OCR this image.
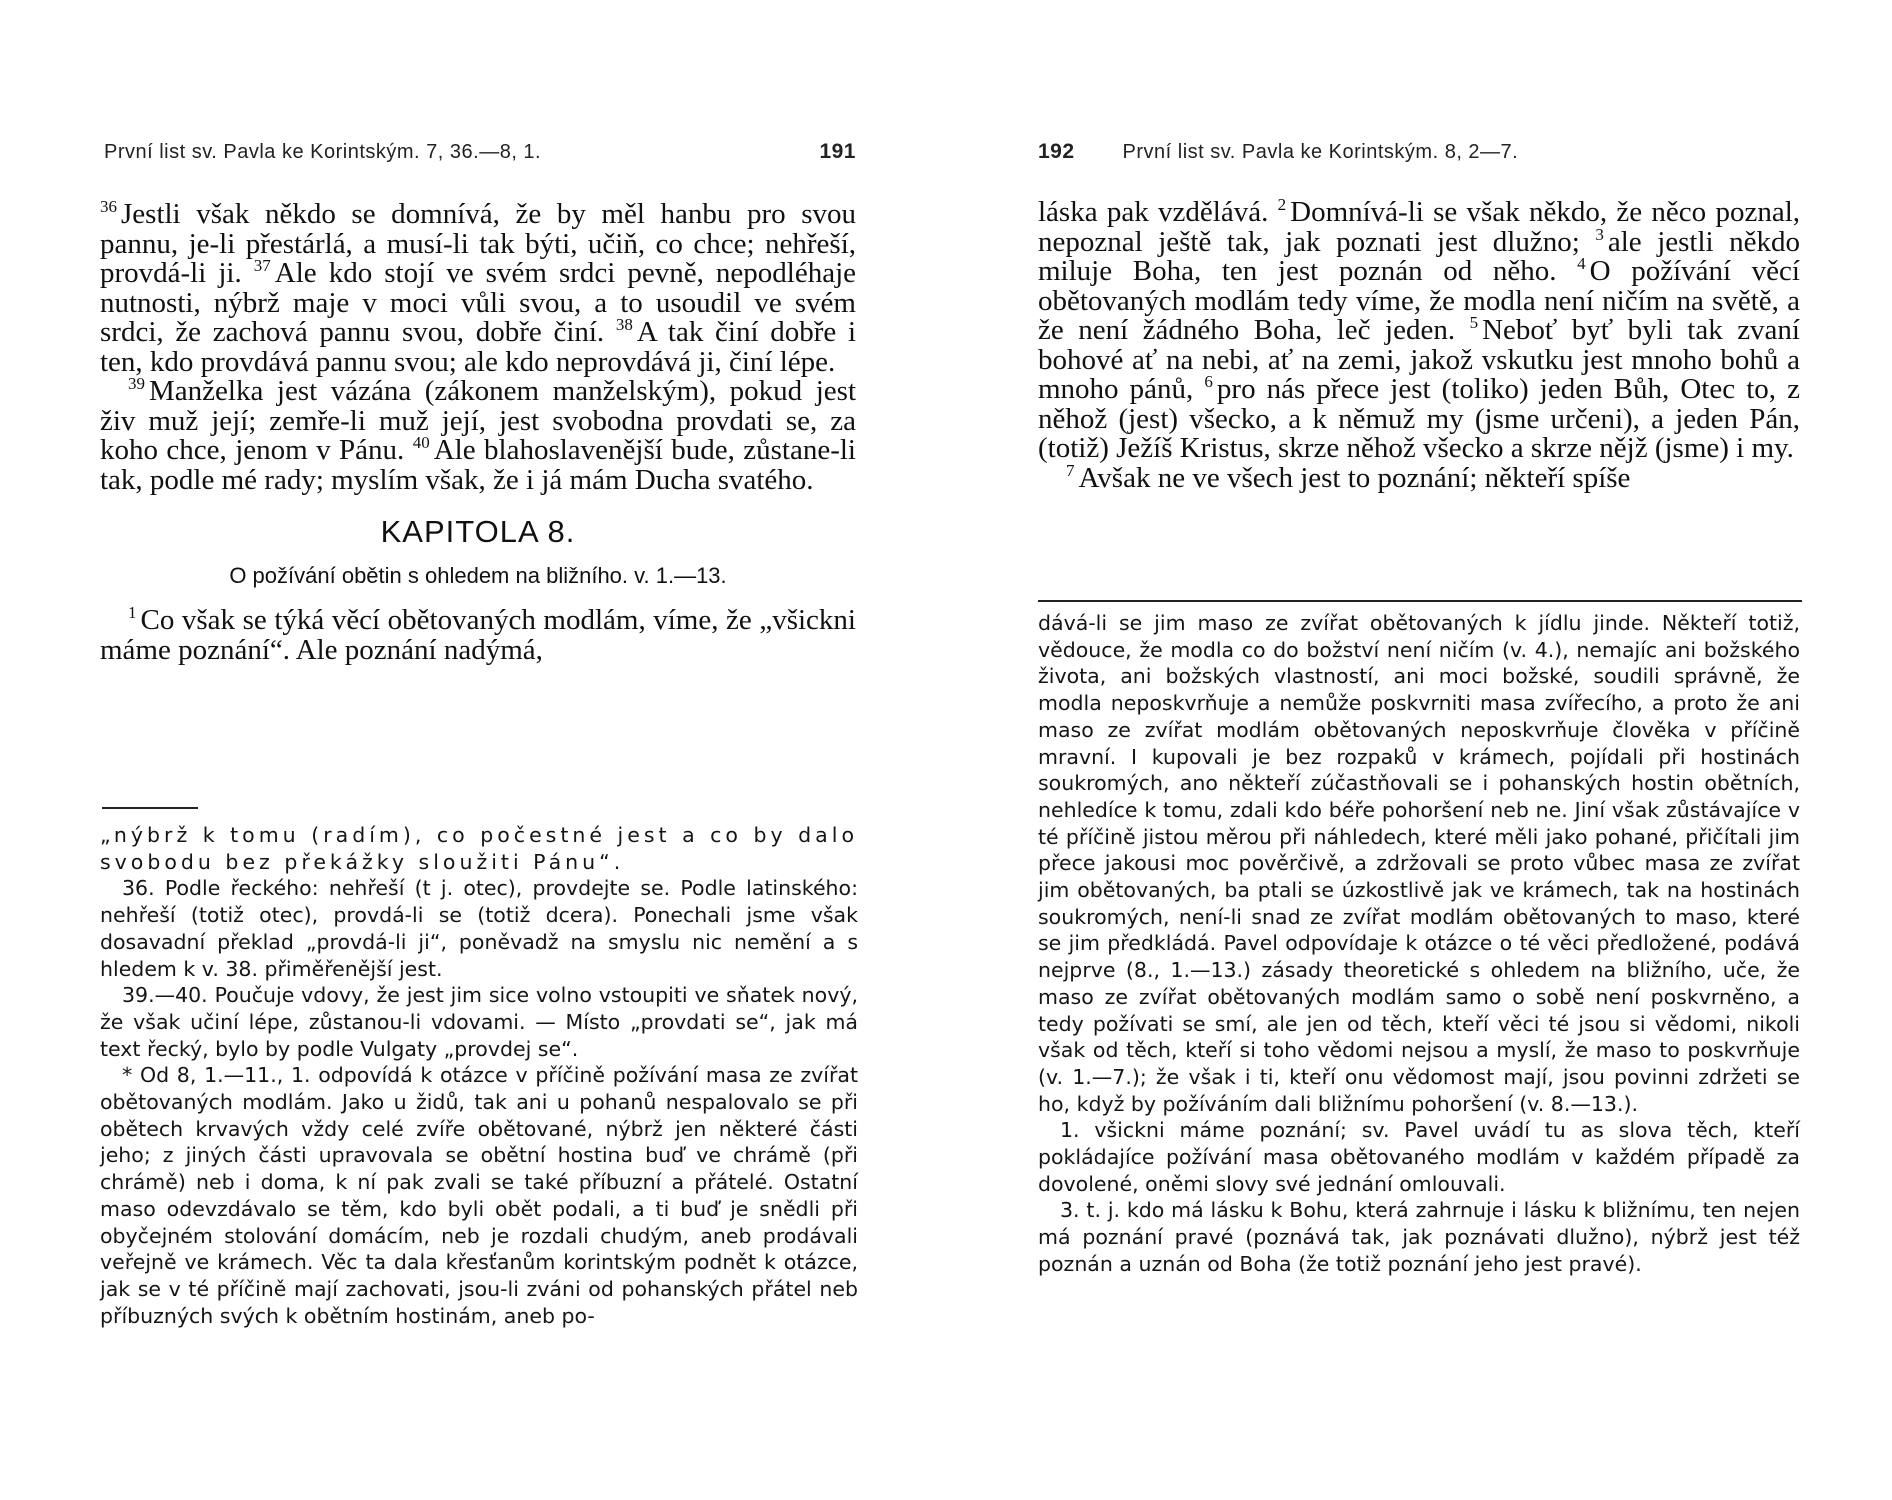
První list sv. Pavla ke Korintským. 7, 36.—8, 1.	191

$^{36}$ Jestli však někdo se domnívá, že by měl hanbu pro svou pannu, je-li přestárlá, a musí-li tak býti, učiň, co chce; nehřeší, provdá-li ji. $^{37}$ Ale kdo stojí ve svém srdci pevně, nepodléhaje nutnosti, nýbrž maje v moci vůli svou, a to usoudil ve svém srdci, že zachová pannu svou, dobře činí. $^{38}$ A tak činí dobře i ten, kdo provdává pannu svou; ale kdo neprovdává ji, činí lépe.

$^{39}$ Manželka jest vázána (zákonem manželským), pokud jest živ muž její; zemře-li muž její, jest svobodna provdati se, za koho chce, jenom v Pánu. $^{40}$ Ale blahoslavenější bude, zůstane-li tak, podle mé rady; myslím však, že i já mám Ducha svatého.

KAPITOLA 8.
O požívání obětin s ohledem na bližního. v. 1.—13.

$^1$ Co však se týká věcí obětovaných modlám, víme, že „všickni máme poznání“. Ale poznání nadýmá,

„nýbrž k tomu (radím), co počestné jest a co by dalo svobodu bez překážky sloužiti Pánu“.

36. Podle řeckého: nehřeší (t j. otec), provdejte se. Podle latinského: nehřeší (totiž otec), provdá-li se (totiž dcera). Ponechali jsme však dosavadní překlad „provdá-li ji“, poněvadž na smyslu nic nemění a s hledem k v. 38. přiměřenější jest.

39.—40. Poučuje vdovy, že jest jim sice volno vstoupiti ve sňatek nový, že však učiní lépe, zůstanou-li vdovami. — Místo „provdati se“, jak má text řecký, bylo by podle Vulgaty „provdej se“.

* Od 8, 1.—11., 1. odpovídá k otázce v příčině požívání masa ze zvířat obětovaných modlám. Jako u židů, tak ani u pohanů nespalovalo se při obětech krvavých vždy celé zvíře obětované, nýbrž jen některé části jeho; z jiných části upravovala se obětní hostina buď ve chrámě (při chrámě) neb i doma, k ní pak zvali se také příbuzní a přátelé. Ostatní maso odevzdávalo se těm, kdo byli obět podali, a ti buď je snědli při obyčejném stolování domácím, neb je rozdali chudým, aneb prodávali veřejně ve krámech. Věc ta dala křesťanům korintským podnět k otázce, jak se v té příčině mají zachovati, jsou-li zváni od pohanských přátel neb příbuzných svých k obětním hostinám, aneb po-

192 První list sv. Pavla ke Korintským. 8, 2—7.

láska pak vzdělává. $^2$ Domnívá-li se však někdo, že něco poznal, nepoznal ještě tak, jak poznati jest dlužno; $^3$ ale jestli někdo miluje Boha, ten jest poznán od něho. $^4$ O požívání věcí obětovaných modlám tedy víme, že modla není ničím na světě, a že není žádného Boha, leč jeden. $^5$ Neboť byť byli tak zvaní bohové ať na nebi, ať na zemi, jakož vskutku jest mnoho bohů a mnoho pánů, $^6$ pro nás přece jest (toliko) jeden Bůh, Otec to, z něhož (jest) všecko, a k němuž my (jsme určeni), a jeden Pán, (totiž) Ježíš Kristus, skrze něhož všecko a skrze nějž (jsme) i my.

$^7$ Avšak ne ve všech jest to poznání; někteří spíše

dává-li se jim maso ze zvířat obětovaných k jídlu jinde. Někteří totiž, vědouce, že modla co do božství není ničím (v. 4.), nemajíc ani božského života, ani božských vlastností, ani moci božské, soudili správně, že modla neposkvrňuje a nemůže poskvrniti masa zvířecího, a proto že ani maso ze zvířat modlám obětovaných neposkvrňuje člověka v příčině mravní. I kupovali je bez rozpaků v krámech, pojídali při hostinách soukromých, ano někteří zúčastňovali se i pohanských hostin obětních, nehledíce k tomu, zdali kdo béře pohoršení neb ne. Jiní však zůstávajíce v té příčině jistou měrou při náhledech, které měli jako pohané, přičítali jim přece jakousi moc pověrčivě, a zdržovali se proto vůbec masa ze zvířat jim obětovaných, ba ptali se úzkostlivě jak ve krámech, tak na hostinách soukromých, není-li snad ze zvířat modlám obětovaných to maso, které se jim předkládá. Pavel odpovídaje k otázce o té věci předložené, podává nejprve (8., 1.—13.) zásady theoretické s ohledem na bližního, uče, že maso ze zvířat obětovaných modlám samo o sobě není poskvrněno, a tedy požívati se smí, ale jen od těch, kteří věci té jsou si vědomi, nikoli však od těch, kteří si toho vědomi nejsou a myslí, že maso to poskvrňuje (v. 1.—7.); že však i ti, kteří onu vědomost mají, jsou povinni zdržeti se ho, když by požíváním dali bližnímu pohoršení (v. 8.—13.).

1. všickni máme poznání; sv. Pavel uvádí tu as slova těch, kteří pokládajíce požívání masa obětovaného modlám v každém případě za dovolené, oněmi slovy své jednání omlouvali.

3. t. j. kdo má lásku k Bohu, která zahrnuje i lásku k bližnímu, ten nejen má poznání pravé (poznává tak, jak poznávati dlužno), nýbrž jest též poznán a uznán od Boha (že totiž poznání jeho jest pravé).
